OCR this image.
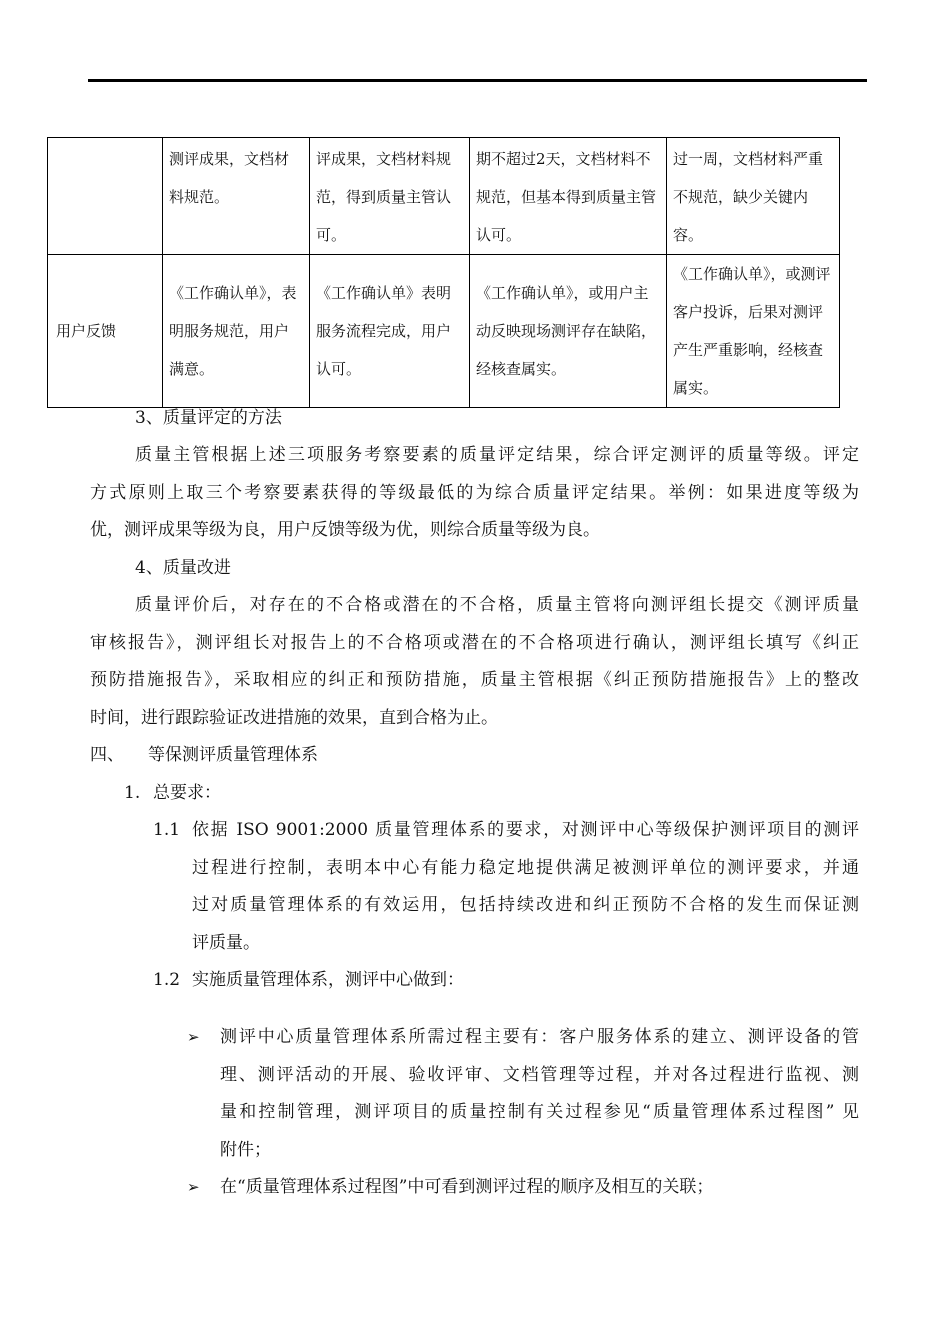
	测评成果，文档材料规范。	评成果，文档材料规范，得到质量主管认可。	期不超过2天，文档材料不规范，但基本得到质量主管认可。	过一周，文档材料严重不规范，缺少关键内容。
用户反馈	《工作确认单》，表明服务规范，用户满意。	《工作确认单》表明服务流程完成，用户认可。	《工作确认单》，或用户主动反映现场测评存在缺陷，经核查属实。	《工作确认单》，或测评客户投诉，后果对测评产生严重影响，经核查属实。
3、质量评定的方法
质量主管根据上述三项服务考察要素的质量评定结果，综合评定测评的质量等级。评定
方式原则上取三个考察要素获得的等级最低的为综合质量评定结果。举例：如果进度等级为
优，测评成果等级为良，用户反馈等级为优，则综合质量等级为良。
4、质量改进
质量评价后，对存在的不合格或潜在的不合格，质量主管将向测评组长提交《测评质量
审核报告》，测评组长对报告上的不合格项或潜在的不合格项进行确认，测评组长填写《纠正
预防措施报告》，采取相应的纠正和预防措施，质量主管根据《纠正预防措施报告》上的整改
时间，进行跟踪验证改进措施的效果，直到合格为止。
四、 等保测评质量管理体系
1. 总要求：
1.1 依据 ISO 9001:2000 质量管理体系的要求，对测评中心等级保护测评项目的测评
过程进行控制，表明本中心有能力稳定地提供满足被测评单位的测评要求，并通
过对质量管理体系的有效运用，包括持续改进和纠正预防不合格的发生而保证测
评质量。
1.2 实施质量管理体系，测评中心做到：
➢ 测评中心质量管理体系所需过程主要有：客户服务体系的建立、测评设备的管
理、测评活动的开展、验收评审、文档管理等过程，并对各过程进行监视、测
量和控制管理，测评项目的质量控制有关过程参见“质量管理体系过程图” 见
附件；
➢ 在“质量管理体系过程图”中可看到测评过程的顺序及相互的关联；
